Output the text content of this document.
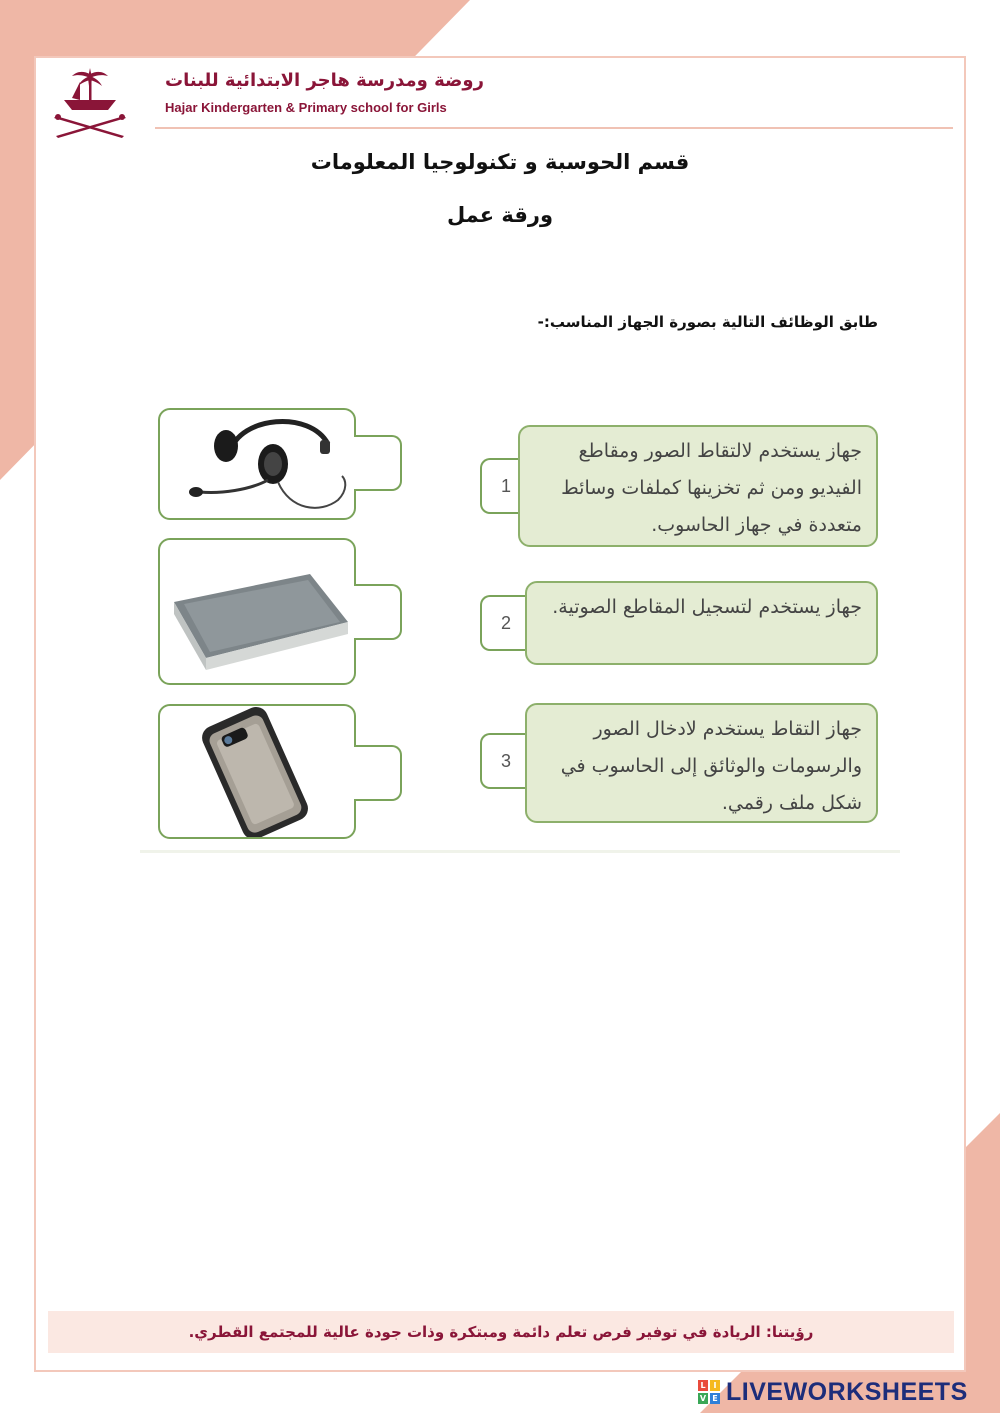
روضة ومدرسة هاجر الابتدائية للبنات
Hajar Kindergarten & Primary school for Girls
قسم الحوسبة و تكنولوجيا المعلومات
ورقة عمل
طابق الوظائف التالية بصورة الجهاز المناسب:-
1
جهاز يستخدم لالتقاط الصور ومقاطع الفيديو ومن ثم تخزينها كملفات وسائط متعددة في جهاز الحاسوب.
2
جهاز يستخدم لتسجيل المقاطع الصوتية.
3
جهاز التقاط يستخدم لادخال الصور والرسومات والوثائق إلى الحاسوب في شكل ملف رقمي.
رؤيتنا: الريادة في توفير فرص تعلم دائمة ومبتكرة وذات جودة عالية للمجتمع القطري.
L I
V E LIVEWORKSHEETS
